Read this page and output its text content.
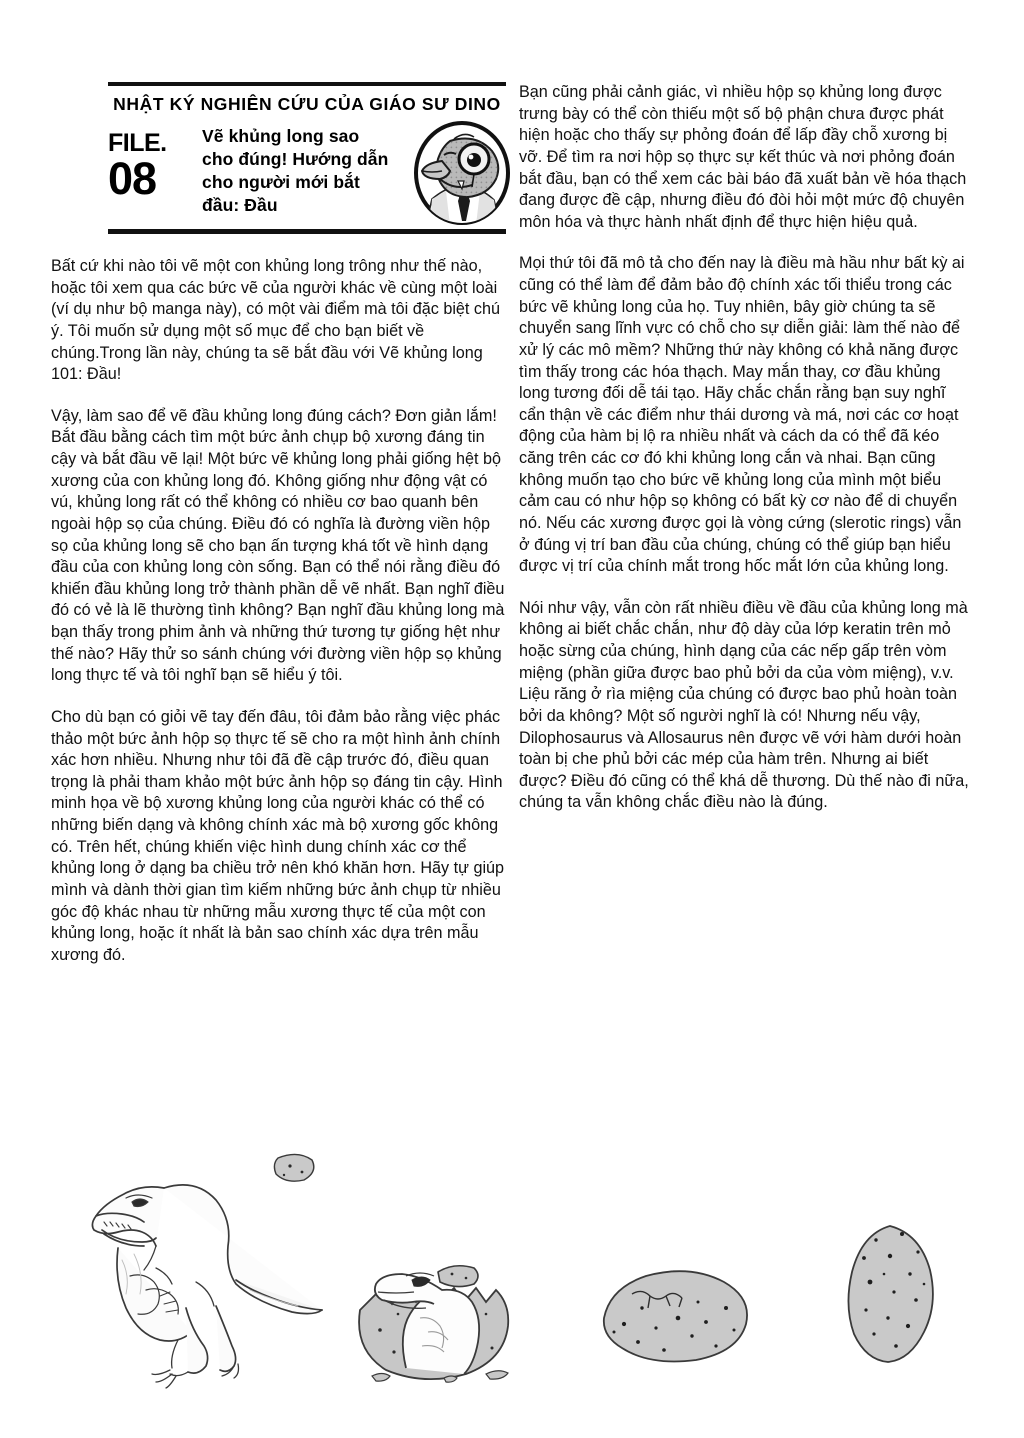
NHẬT KÝ NGHIÊN CỨU CỦA GIÁO SƯ DINO
FILE.
08
Vẽ khủng long sao
cho đúng! Hướng dẫn
cho người mới bắt
đầu: Đầu

Bất cứ khi nào tôi vẽ một con khủng long trông như thế nào, hoặc tôi xem qua các bức vẽ của người khác về cùng một loài (ví dụ như bộ manga này), có một vài điểm mà tôi đặc biệt chú ý. Tôi muốn sử dụng một số mục để cho bạn biết về chúng.Trong lần này, chúng ta sẽ bắt đầu với Vẽ khủng long 101: Đầu!

Vậy, làm sao để vẽ đầu khủng long đúng cách? Đơn giản lắm! Bắt đầu bằng cách tìm một bức ảnh chụp bộ xương đáng tin cậy và bắt đầu vẽ lại! Một bức vẽ khủng long phải giống hệt bộ xương của con khủng long đó. Không giống như động vật có vú, khủng long rất có thể không có nhiều cơ bao quanh bên ngoài hộp sọ của chúng. Điều đó có nghĩa là đường viền hộp sọ của khủng long sẽ cho bạn ấn tượng khá tốt về hình dạng đầu của con khủng long còn sống. Bạn có thể nói rằng điều đó khiến đầu khủng long trở thành phần dễ vẽ nhất. Bạn nghĩ điều đó có vẻ là lẽ thường tình không? Bạn nghĩ đầu khủng long mà bạn thấy trong phim ảnh và những thứ tương tự giống hệt như thế nào? Hãy thử so sánh chúng với đường viền hộp sọ khủng long thực tế và tôi nghĩ bạn sẽ hiểu ý tôi.

Cho dù bạn có giỏi vẽ tay đến đâu, tôi đảm bảo rằng việc phác thảo một bức ảnh hộp sọ thực tế sẽ cho ra một hình ảnh chính xác hơn nhiều. Nhưng như tôi đã đề cập trước đó, điều quan trọng là phải tham khảo một bức ảnh hộp sọ đáng tin cậy. Hình minh họa về bộ xương khủng long của người khác có thể có những biến dạng và không chính xác mà bộ xương gốc không có. Trên hết, chúng khiến việc hình dung chính xác cơ thể khủng long ở dạng ba chiều trở nên khó khăn hơn. Hãy tự giúp mình và dành thời gian tìm kiếm những bức ảnh chụp từ nhiều góc độ khác nhau từ những mẫu xương thực tế của một con khủng long, hoặc ít nhất là bản sao chính xác dựa trên mẫu xương đó.

Bạn cũng phải cảnh giác, vì nhiều hộp sọ khủng long được trưng bày có thể còn thiếu một số bộ phận chưa được phát hiện hoặc cho thấy sự phỏng đoán để lấp đầy chỗ xương bị vỡ. Để tìm ra nơi hộp sọ thực sự kết thúc và nơi phỏng đoán bắt đầu, bạn có thể xem các bài báo đã xuất bản về hóa thạch đang được đề cập, nhưng điều đó đòi hỏi một mức độ chuyên môn hóa và thực hành nhất định để thực hiện hiệu quả.

Mọi thứ tôi đã mô tả cho đến nay là điều mà hầu như bất kỳ ai cũng có thể làm để đảm bảo độ chính xác tối thiểu trong các bức vẽ khủng long của họ. Tuy nhiên, bây giờ chúng ta sẽ chuyển sang lĩnh vực có chỗ cho sự diễn giải: làm thế nào để xử lý các mô mềm? Những thứ này không có khả năng được tìm thấy trong các hóa thạch. May mắn thay, cơ đầu khủng long tương đối dễ tái tạo. Hãy chắc chắn rằng bạn suy nghĩ cẩn thận về các điểm như thái dương và má, nơi các cơ hoạt động của hàm bị lộ ra nhiều nhất và cách da có thể đã kéo căng trên các cơ đó khi khủng long cắn và nhai. Bạn cũng không muốn tạo cho bức vẽ khủng long của mình một biểu cảm cau có như hộp sọ không có bất kỳ cơ nào để di chuyển nó. Nếu các xương được gọi là vòng cứng (slerotic rings) vẫn ở đúng vị trí ban đầu của chúng, chúng có thể giúp bạn hiểu được vị trí của chính mắt trong hốc mắt lớn của khủng long.

Nói như vậy, vẫn còn rất nhiều điều về đầu của khủng long mà không ai biết chắc chắn, như độ dày của lớp keratin trên mỏ hoặc sừng của chúng, hình dạng của các nếp gấp trên vòm miệng (phần giữa được bao phủ bởi da của vòm miệng), v.v. Liệu răng ở rìa miệng của chúng có được bao phủ hoàn toàn bởi da không? Một số người nghĩ là có! Nhưng nếu vậy, Dilophosaurus và Allosaurus nên được vẽ với hàm dưới hoàn toàn bị che phủ bởi các mép của hàm trên. Nhưng ai biết được? Điều đó cũng có thể khá dễ thương. Dù thế nào đi nữa, chúng ta vẫn không chắc điều nào là đúng.
